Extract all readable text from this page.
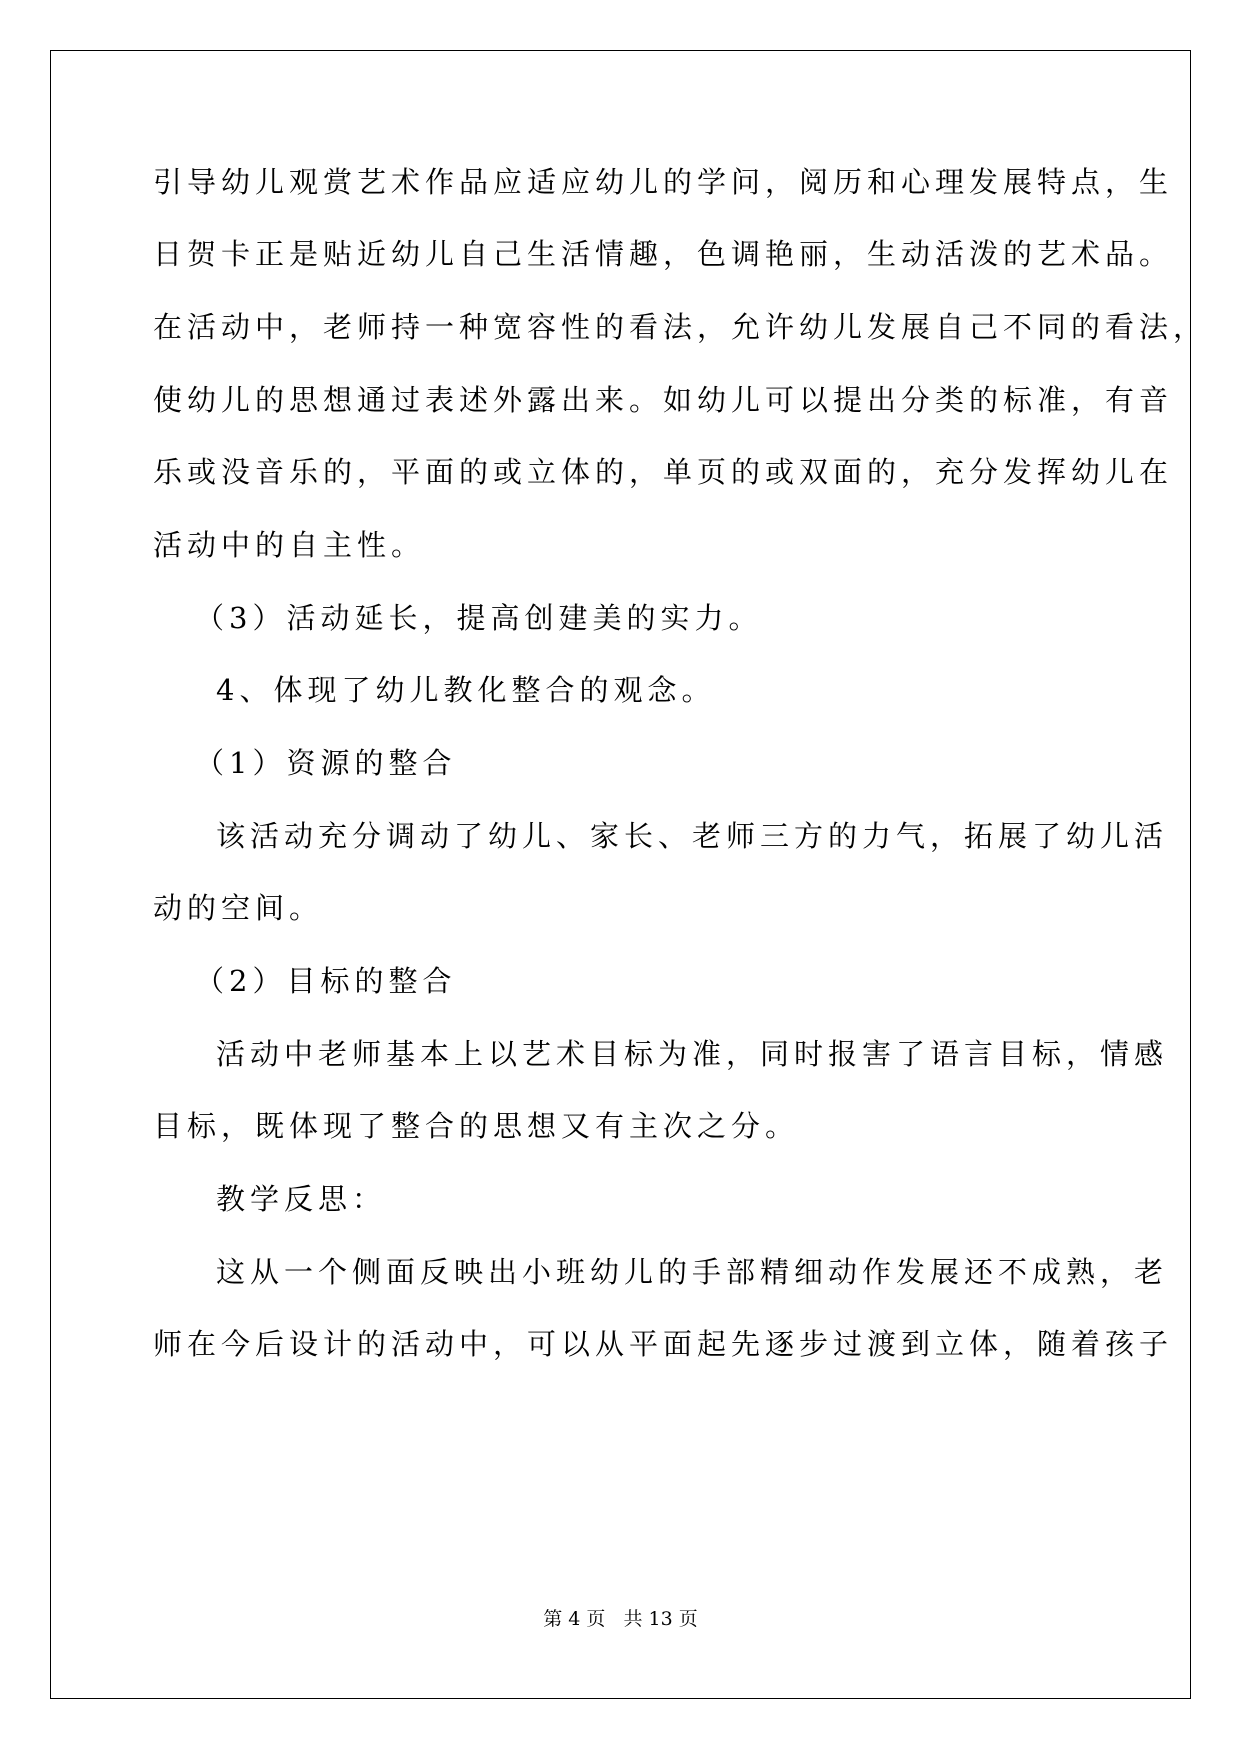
引导幼儿观赏艺术作品应适应幼儿的学问，阅历和心理发展特点，生
日贺卡正是贴近幼儿自己生活情趣，色调艳丽，生动活泼的艺术品。
在活动中，老师持一种宽容性的看法，允许幼儿发展自己不同的看法，
使幼儿的思想通过表述外露出来。如幼儿可以提出分类的标准，有音
乐或没音乐的，平面的或立体的，单页的或双面的，充分发挥幼儿在
活动中的自主性。
（3）活动延长，提高创建美的实力。
4、体现了幼儿教化整合的观念。
（1）资源的整合
该活动充分调动了幼儿、家长、老师三方的力气，拓展了幼儿活
动的空间。
（2）目标的整合
活动中老师基本上以艺术目标为准，同时报害了语言目标，情感
目标，既体现了整合的思想又有主次之分。
教学反思：
这从一个侧面反映出小班幼儿的手部精细动作发展还不成熟，老
师在今后设计的活动中，可以从平面起先逐步过渡到立体，随着孩子
第 4 页 共 13 页
